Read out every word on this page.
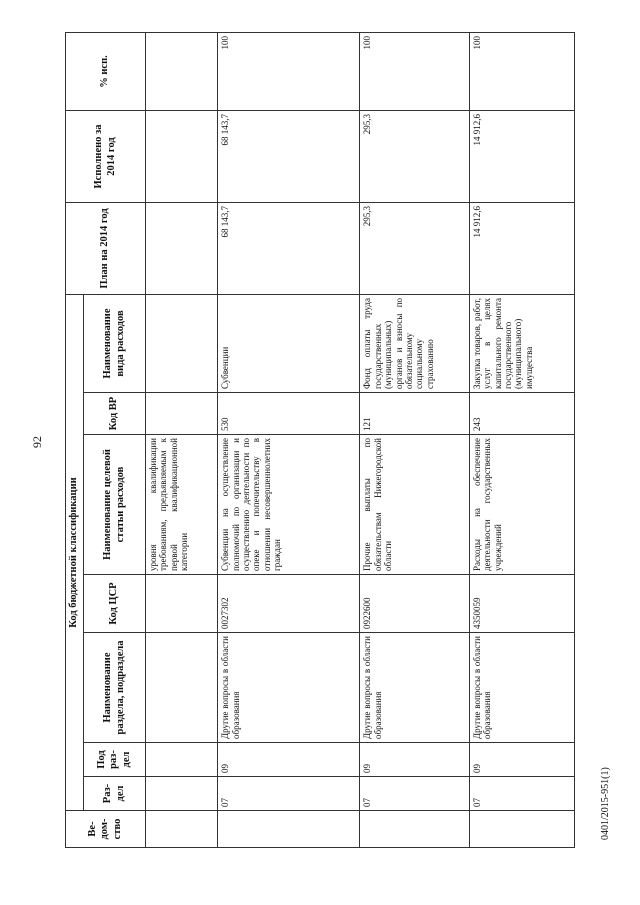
92
0401/2015-951(1)
Ве-дом-ство	Код бюджетной классификации							План на 2014 год	Исполнено за 2014 год	% исп.
	Раз-дел	Под раз-дел	Наименование раздела, подраздела	Код ЦСР	Наименование целевой статьи расходов	Код ВР	Наименование вида расходов			
					уровня квалификации требованиям, предъявляемым к первой квалификационной категории					
	07	09	Другие вопросы в области образования	0027302	Субвенции на осуществление полномочий по организации и осуществлению деятельности по опеке и попечительству в отношении несовершеннолетних граждан	530	Субвенции	68 143,7	68 143,7	100
	07	09	Другие вопросы в области образования	0922600	Прочие выплаты по обязательствам Нижегородской области	121	Фонд оплаты труда государственных (муниципальных) органов и взносы по обязательному социальному страхованию	295,3	295,3	100
	07	09	Другие вопросы в области образования	4350059	Расходы на обеспечение деятельности государственных учреждений	243	Закупка товаров, работ, услуг в целях капитального ремонта государственного (муниципального) имущества	14 912,6	14 912,6	100
